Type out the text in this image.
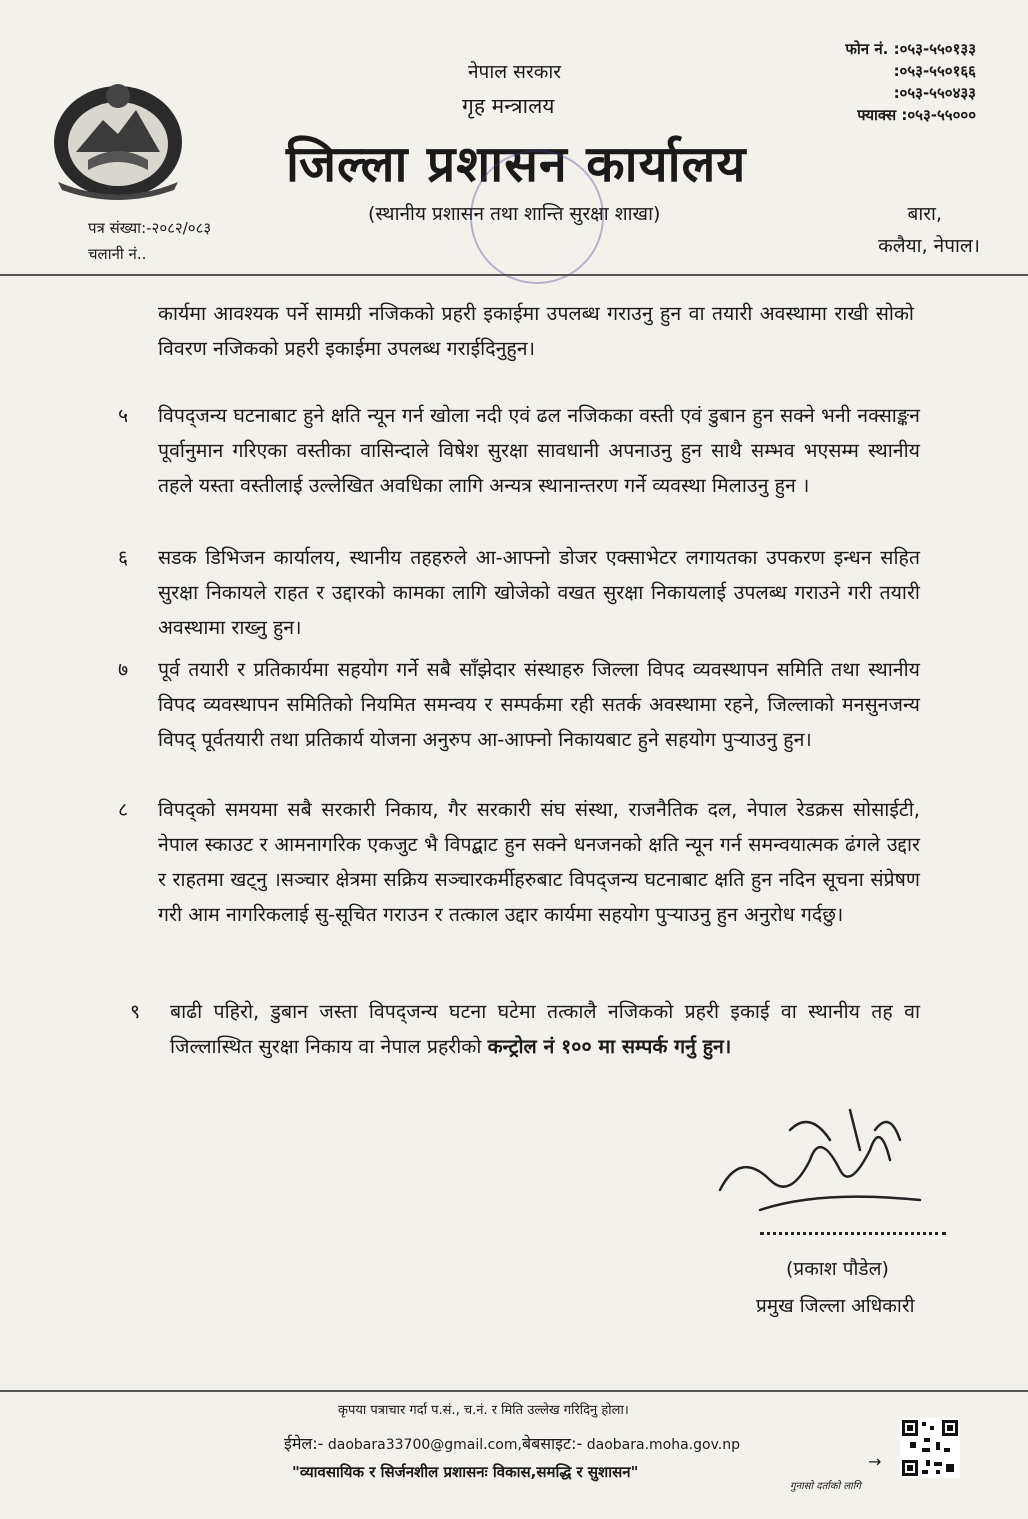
नेपाल सरकार
गृह मन्त्रालय
जिल्ला प्रशासन कार्यालय
(स्थानीय प्रशासन तथा शान्ति सुरक्षा शाखा)
फोन नं. :०५३-५५०१३३
:०५३-५५०१६६
:०५३-५५०४३३
फ्याक्स :०५३-५५०००
पत्र संख्या:-२०८२/०८३
चलानी नं..
बारा,
कलैया, नेपाल।
कार्यमा आवश्यक पर्ने सामग्री नजिकको प्रहरी इकाईमा उपलब्ध गराउनु हुन वा तयारी अवस्थामा राखी सोको विवरण नजिकको प्रहरी इकाईमा उपलब्ध गराईदिनुहुन।
५	विपद्जन्य घटनाबाट हुने क्षति न्यून गर्न खोला नदी एवं ढल नजिकका वस्ती एवं डुबान हुन सक्ने भनी नक्साङ्कन पूर्वानुमान गरिएका वस्तीका वासिन्दाले विषेश सुरक्षा सावधानी अपनाउनु हुन साथै सम्भव भएसम्म स्थानीय तहले यस्ता वस्तीलाई उल्लेखित अवधिका लागि अन्यत्र स्थानान्तरण गर्ने व्यवस्था मिलाउनु हुन ।
६	सडक डिभिजन कार्यालय, स्थानीय तहहरुले आ-आफ्नो डोजर एक्साभेटर लगायतका उपकरण इन्धन सहित सुरक्षा निकायले राहत र उद्दारको कामका लागि खोजेको वखत सुरक्षा निकायलाई उपलब्ध गराउने गरी तयारी अवस्थामा राख्नु हुन।
७	पूर्व तयारी र प्रतिकार्यमा सहयोग गर्ने सबै साँझेदार संस्थाहरु जिल्ला विपद व्यवस्थापन समिति तथा स्थानीय विपद व्यवस्थापन समितिको नियमित समन्वय र सम्पर्कमा रही सतर्क अवस्थामा रहने, जिल्लाको मनसुनजन्य विपद् पूर्वतयारी तथा प्रतिकार्य योजना अनुरुप आ-आफ्नो निकायबाट हुने सहयोग पुऱ्याउनु हुन।
८	विपद्को समयमा सबै सरकारी निकाय, गैर सरकारी संघ संस्था, राजनैतिक दल, नेपाल रेडक्रस सोसाईटी, नेपाल स्काउट र आमनागरिक एकजुट भै विपद्बाट हुन सक्ने धनजनको क्षति न्यून गर्न समन्वयात्मक ढंगले उद्दार र राहतमा खट्नु ।सञ्चार क्षेत्रमा सक्रिय सञ्चारकर्मीहरुबाट विपद्जन्य घटनाबाट क्षति हुन नदिन सूचना संप्रेषण गरी आम नागरिकलाई सु-सूचित गराउन र तत्काल उद्दार कार्यमा सहयोग पुऱ्याउनु हुन अनुरोध गर्दछु।
९	बाढी पहिरो, डुबान जस्ता विपद्जन्य घटना घटेमा तत्कालै नजिकको प्रहरी इकाई वा स्थानीय तह वा जिल्लास्थित सुरक्षा निकाय वा नेपाल प्रहरीको कन्ट्रोल नं १०० मा सम्पर्क गर्नु हुन।
(प्रकाश पौडेल)
प्रमुख जिल्ला अधिकारी
कृपया पत्राचार गर्दा प.सं., च.नं. र मिति उल्लेख गरिदिनु होला।
ईमेल:- daobara33700@gmail.com,बेबसाइट:- daobara.moha.gov.np
"व्यावसायिक र सिर्जनशील प्रशासनः विकास,समद्धि र सुशासन"
→
गुनासो दर्ताको लागि
